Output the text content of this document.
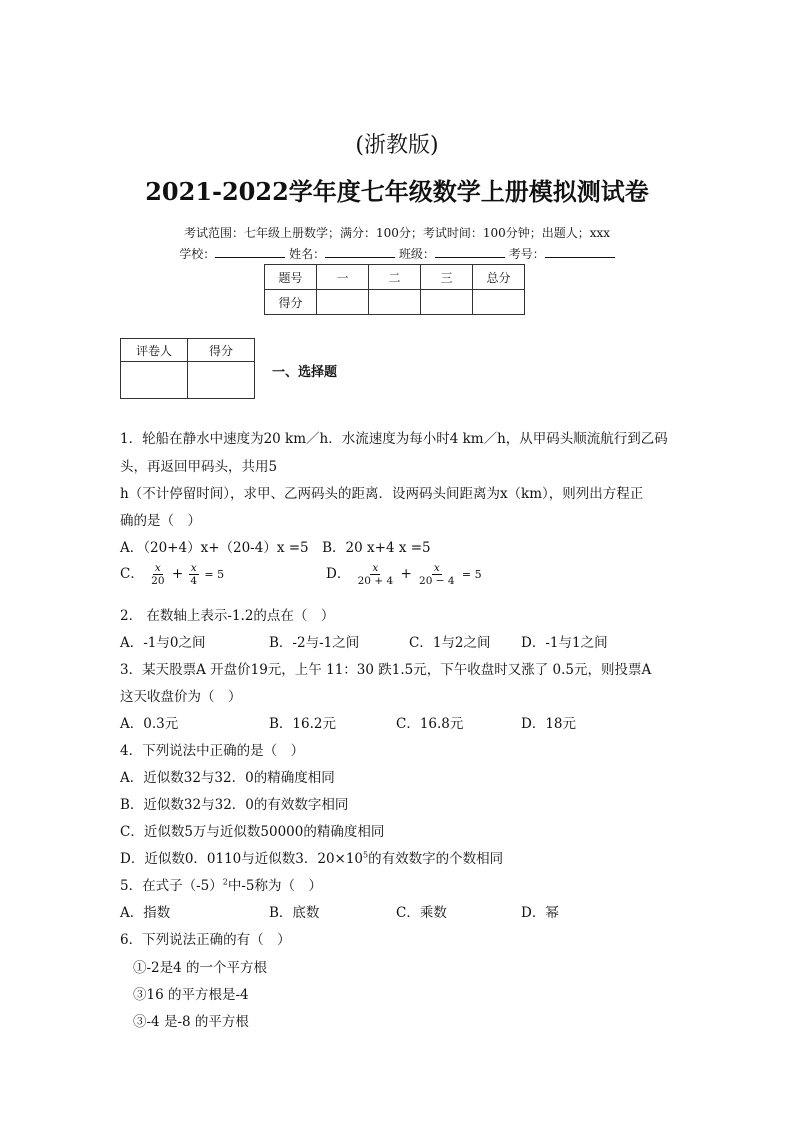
(浙教版)
2021-2022学年度七年级数学上册模拟测试卷
考试范围：七年级上册数学；满分：100分；考试时间：100分钟；出题人；xxx
学校：	姓名：	班级：	考号：
题号	一	二	三	总分
得分				
评卷人	得分

一、选择题
1．轮船在静水中速度为20 km／h．水流速度为每小时4 km／h，从甲码头顺流航行到乙码
头，再返回甲码头，共用5
h（不计停留时间），求甲、乙两码头的距离．设两码头间距离为x（km），则列出方程正
确的是（　）
A．（20+4）x+（20-4）x =5　B．20 x+4 x =5
C． $\frac{x}{20} + \frac{x}{4} = 5$	D． $\frac{x}{20 + 4} + \frac{x}{20 - 4} = 5$
2． 在数轴上表示-1.2的点在（　）
A．-1与0之间	B．-2与-1之间	C．1与2之间 D．-1与1之间
3．某天股票A 开盘价19元，上午 11：30 跌1.5元，下午收盘时又涨了 0.5元，则投票A
这天收盘价为（　）
A．0.3元	B．16.2元	C．16.8元	D．18元
4．下列说法中正确的是（　）
A．近似数32与32．0的精确度相同
B．近似数32与32．0的有效数字相同
C．近似数5万与近似数50000的精确度相同
D．近似数0．0110与近似数3．$20\times 10^5$的有效数字的个数相同
5．在式子$(-5)^2$中-5称为（　）
A．指数	B．底数	C．乘数	D．幂
6．下列说法正确的有（　）
①-2是4 的一个平方根
③16 的平方根是-4
③-4 是-8 的平方根
